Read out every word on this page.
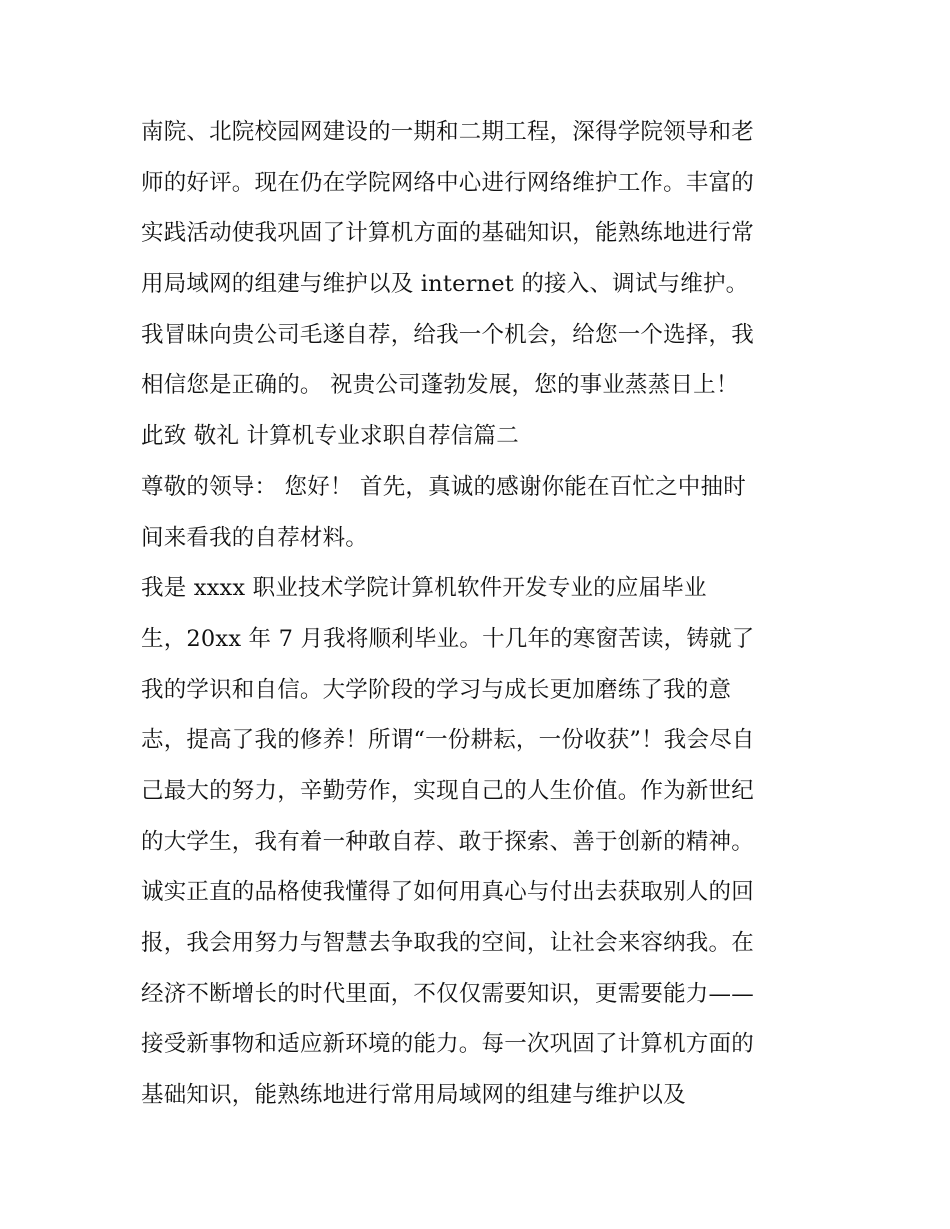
南院、北院校园网建设的一期和二期工程，深得学院领导和老
师的好评。现在仍在学院网络中心进行网络维护工作。丰富的
实践活动使我巩固了计算机方面的基础知识，能熟练地进行常
用局域网的组建与维护以及 internet 的接入、调试与维护。
我冒昧向贵公司毛遂自荐，给我一个机会，给您一个选择，我
相信您是正确的。 祝贵公司蓬勃发展，您的事业蒸蒸日上！
此致 敬礼 计算机专业求职自荐信篇二
尊敬的领导： 您好！ 首先，真诚的感谢你能在百忙之中抽时
间来看我的自荐材料。
我是 xxxx 职业技术学院计算机软件开发专业的应届毕业
生，20xx 年 7 月我将顺利毕业。十几年的寒窗苦读，铸就了
我的学识和自信。大学阶段的学习与成长更加磨练了我的意
志，提高了我的修养！所谓“一份耕耘，一份收获”！我会尽自
己最大的努力，辛勤劳作，实现自己的人生价值。作为新世纪
的大学生，我有着一种敢自荐、敢于探索、善于创新的精神。
诚实正直的品格使我懂得了如何用真心与付出去获取别人的回
报，我会用努力与智慧去争取我的空间，让社会来容纳我。在
经济不断增长的时代里面，不仅仅需要知识，更需要能力——
接受新事物和适应新环境的能力。每一次巩固了计算机方面的
基础知识，能熟练地进行常用局域网的组建与维护以及
